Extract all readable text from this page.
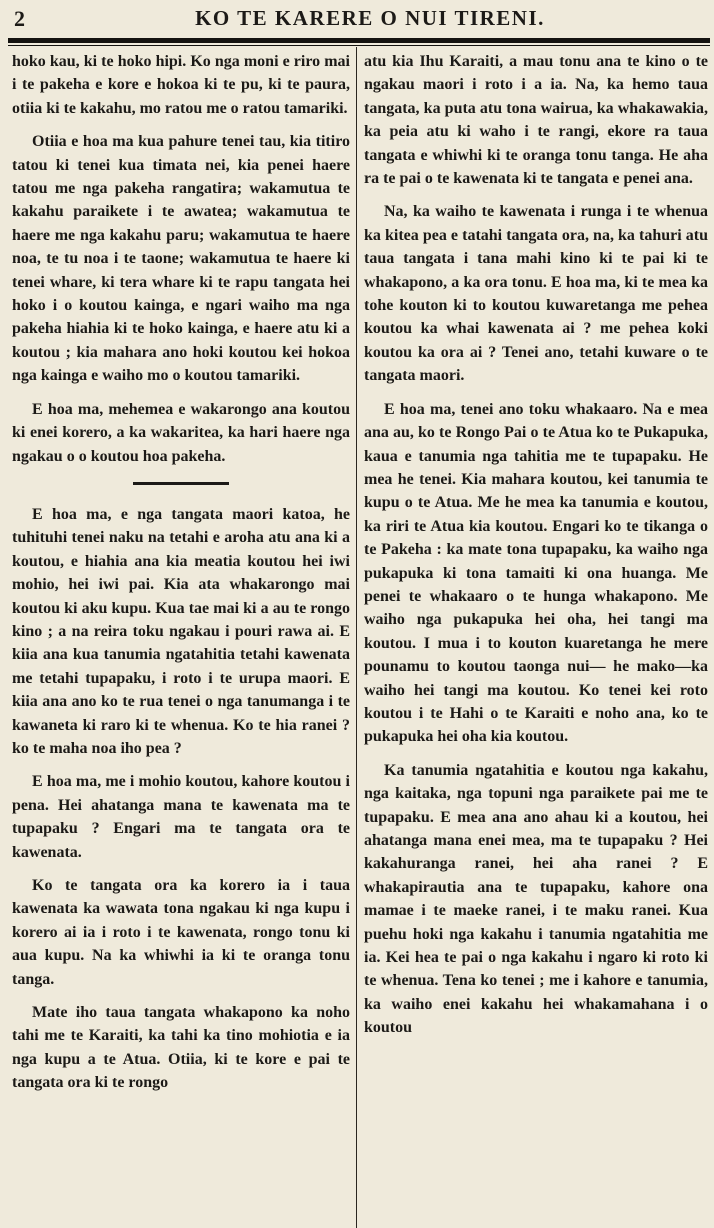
2	KO TE KARERE O NUI TIRENI.

hoko kau, ki te hoko hipi. Ko nga moni e riro mai i te pakeha e kore e hokoa ki te pu, ki te paura, otiia ki te kakahu, mo ratou me o ratou tamariki.

Otiia e hoa ma kua pahure tenei tau, kia titiro tatou ki tenei kua timata nei, kia penei haere tatou me nga pakeha rangatira; wakamutua te kakahu paraikete i te awatea; wakamutua te haere me nga kakahu paru; wakamutua te haere noa, te tu noa i te taone; wakamutua te haere ki tenei whare, ki tera whare ki te rapu tangata hei hoko i o koutou kainga, e ngari waiho ma nga pakeha hiahia ki te hoko kainga, e haere atu ki a koutou ; kia mahara ano hoki koutou kei hokoa nga kainga e waiho mo o koutou tamariki.

E hoa ma, mehemea e wakarongo ana koutou ki enei korero, a ka wakaritea, ka hari haere nga ngakau o o koutou hoa pakeha.

E hoa ma, e nga tangata maori katoa, he tuhituhi tenei naku na tetahi e aroha atu ana ki a koutou, e hiahia ana kia meatia koutou hei iwi mohio, hei iwi pai. Kia ata whakarongo mai koutou ki aku kupu. Kua tae mai ki a au te rongo kino ; a na reira toku ngakau i pouri rawa ai. E kiia ana kua tanumia ngatahitia tetahi kawenata me tetahi tupapaku, i roto i te urupa maori. E kiia ana ano ko te rua tenei o nga tanumanga i te kawaneta ki raro ki te whenua. Ko te hia ranei ? ko te maha noa iho pea ?

E hoa ma, me i mohio koutou, kahore koutou i pena. Hei ahatanga mana te kawenata ma te tupapaku ? Engari ma te tangata ora te kawenata.

Ko te tangata ora ka korero ia i taua kawenata ka wawata tona ngakau ki nga kupu i korero ai ia i roto i te kawenata, rongo tonu ki aua kupu. Na ka whiwhi ia ki te oranga tonu tanga.

Mate iho taua tangata whakapono ka noho tahi me te Karaiti, ka tahi ka tino mohiotia e ia nga kupu a te Atua. Otiia, ki te kore e pai te tangata ora ki te rongo

atu kia Ihu Karaiti, a mau tonu ana te kino o te ngakau maori i roto i a ia. Na, ka hemo taua tangata, ka puta atu tona wairua, ka whakawakia, ka peia atu ki waho i te rangi, ekore ra taua tangata e whiwhi ki te oranga tonu tanga. He aha ra te pai o te kawenata ki te tangata e penei ana.

Na, ka waiho te kawenata i runga i te whenua ka kitea pea e tatahi tangata ora, na, ka tahuri atu taua tangata i tana mahi kino ki te pai ki te whakapono, a ka ora tonu. E hoa ma, ki te mea ka tohe kouton ki to koutou kuwaretanga me pehea koutou ka whai kawenata ai ? me pehea koki koutou ka ora ai ? Tenei ano, tetahi kuware o te tangata maori.

E hoa ma, tenei ano toku whakaaro. Na e mea ana au, ko te Rongo Pai o te Atua ko te Pukapuka, kaua e tanumia nga tahitia me te tupapaku. He mea he tenei. Kia mahara koutou, kei tanumia te kupu o te Atua. Me he mea ka tanumia e koutou, ka riri te Atua kia koutou. Engari ko te tikanga o te Pakeha : ka mate tona tupapaku, ka waiho nga pukapuka ki tona tamaiti ki ona huanga. Me penei te whakaaro o te hunga whakapono. Me waiho nga pukapuka hei oha, hei tangi ma koutou. I mua i to kouton kuaretanga he mere pounamu to koutou taonga nui— he mako—ka waiho hei tangi ma koutou. Ko tenei kei roto koutou i te Hahi o te Karaiti e noho ana, ko te pukapuka hei oha kia koutou.

Ka tanumia ngatahitia e koutou nga kakahu, nga kaitaka, nga topuni nga paraikete pai me te tupapaku. E mea ana ano ahau ki a koutou, hei ahatanga mana enei mea, ma te tupapaku ? Hei kakahuranga ranei, hei aha ranei ? E whakapirautia ana te tupapaku, kahore ona mamae i te maeke ranei, i te maku ranei. Kua puehu hoki nga kakahu i tanumia ngatahitia me ia. Kei hea te pai o nga kakahu i ngaro ki roto ki te whenua. Tena ko tenei ; me i kahore e tanumia, ka waiho enei kakahu hei whakamahana i o koutou
